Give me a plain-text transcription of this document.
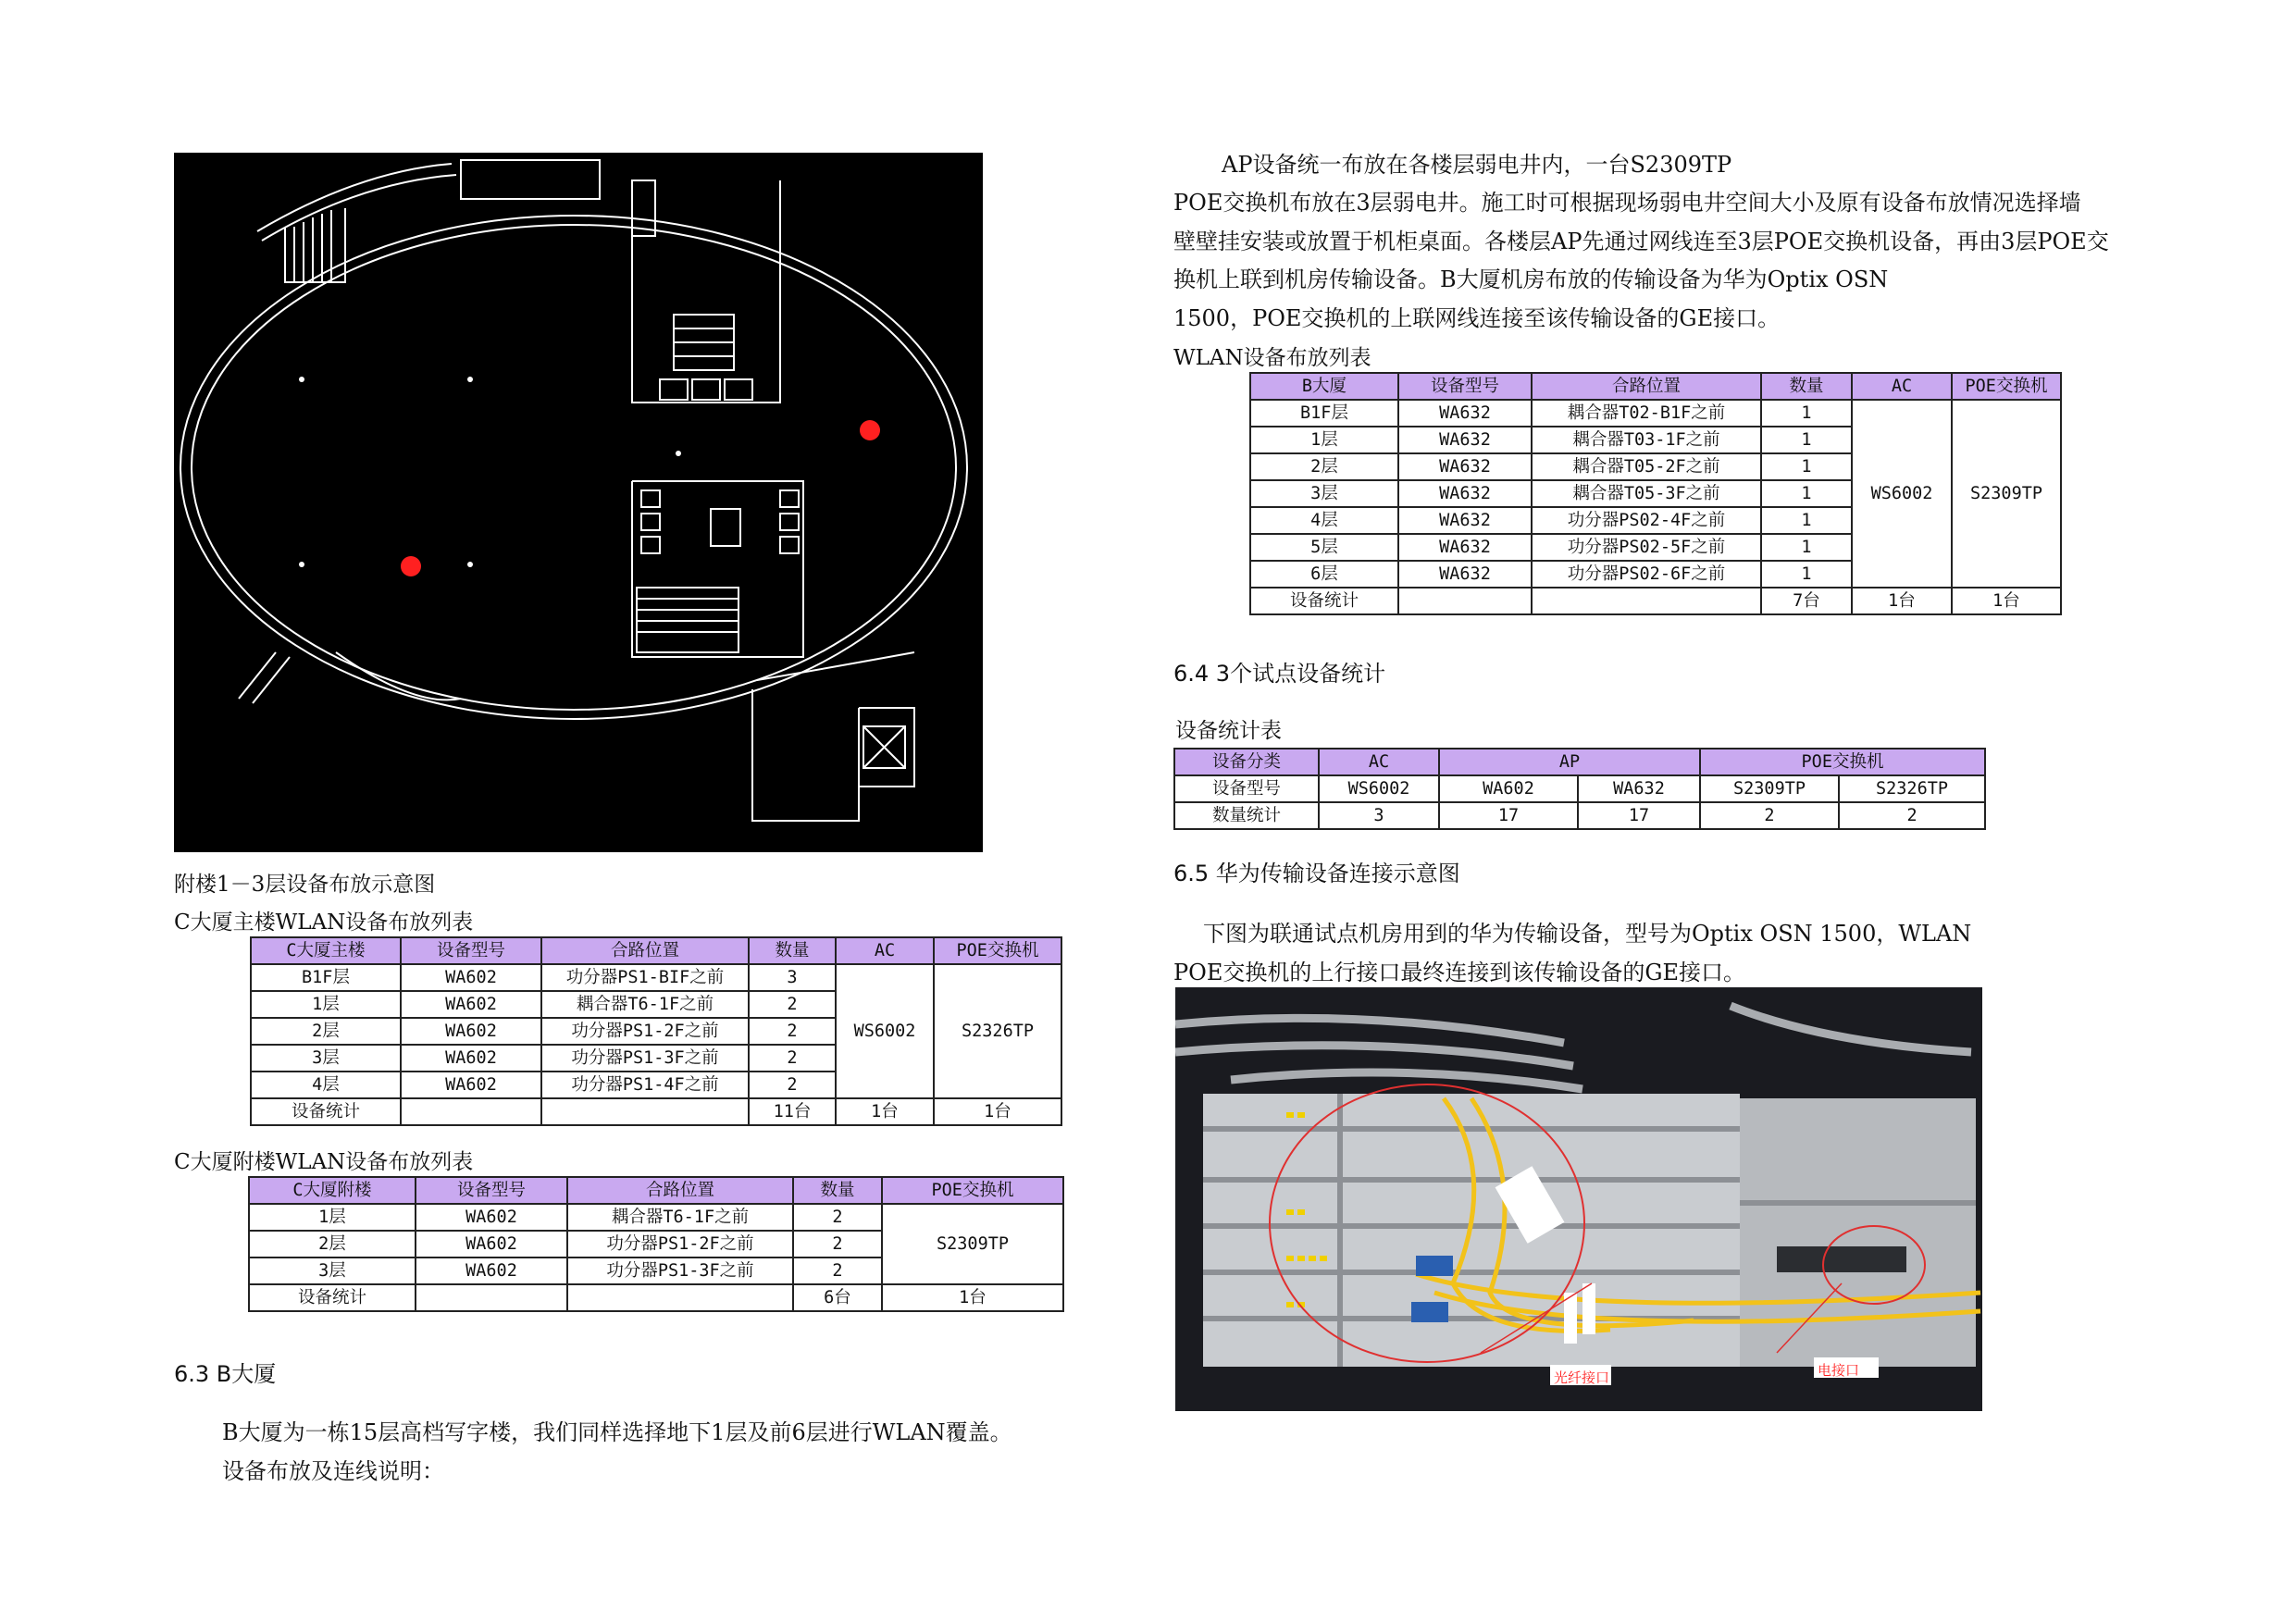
附楼1－3层设备布放示意图
C大厦主楼WLAN设备布放列表
C大厦主楼	设备型号	合路位置	数量	AC	POE交换机
B1F层	WA602	功分器PS1-BIF之前	3	WS6002	S2326TP
1层	WA602	耦合器T6-1F之前	2		
2层	WA602	功分器PS1-2F之前	2		
3层	WA602	功分器PS1-3F之前	2		
4层	WA602	功分器PS1-4F之前	2		
设备统计			11台	1台	1台
C大厦附楼WLAN设备布放列表
C大厦附楼	设备型号	合路位置	数量	POE交换机
1层	WA602	耦合器T6-1F之前	2	S2309TP
2层	WA602	功分器PS1-2F之前	2	
3层	WA602	功分器PS1-3F之前	2	
设备统计			6台	1台
6.3 B大厦
B大厦为一栋15层高档写字楼，我们同样选择地下1层及前6层进行WLAN覆盖。
设备布放及连线说明：
AP设备统一布放在各楼层弱电井内，一台S2309TP
POE交换机布放在3层弱电井。施工时可根据现场弱电井空间大小及原有设备布放情况选择墙
壁壁挂安装或放置于机柜桌面。各楼层AP先通过网线连至3层POE交换机设备，再由3层POE交
换机上联到机房传输设备。B大厦机房布放的传输设备为华为Optix OSN
1500，POE交换机的上联网线连接至该传输设备的GE接口。
WLAN设备布放列表
B大厦	设备型号	合路位置	数量	AC	POE交换机
B1F层	WA632	耦合器T02-B1F之前	1	WS6002	S2309TP
1层	WA632	耦合器T03-1F之前	1		
2层	WA632	耦合器T05-2F之前	1		
3层	WA632	耦合器T05-3F之前	1		
4层	WA632	功分器PS02-4F之前	1		
5层	WA632	功分器PS02-5F之前	1		
6层	WA632	功分器PS02-6F之前	1		
设备统计			7台	1台	1台
6.4 3个试点设备统计
设备统计表
设备分类	AC	AP		POE交换机	
设备型号	WS6002	WA602	WA632	S2309TP	S2326TP
数量统计	3	17	17	2	2
6.5 华为传输设备连接示意图
下图为联通试点机房用到的华为传输设备，型号为Optix OSN 1500，WLAN
POE交换机的上行接口最终连接到该传输设备的GE接口。
光纤接口	电接口
